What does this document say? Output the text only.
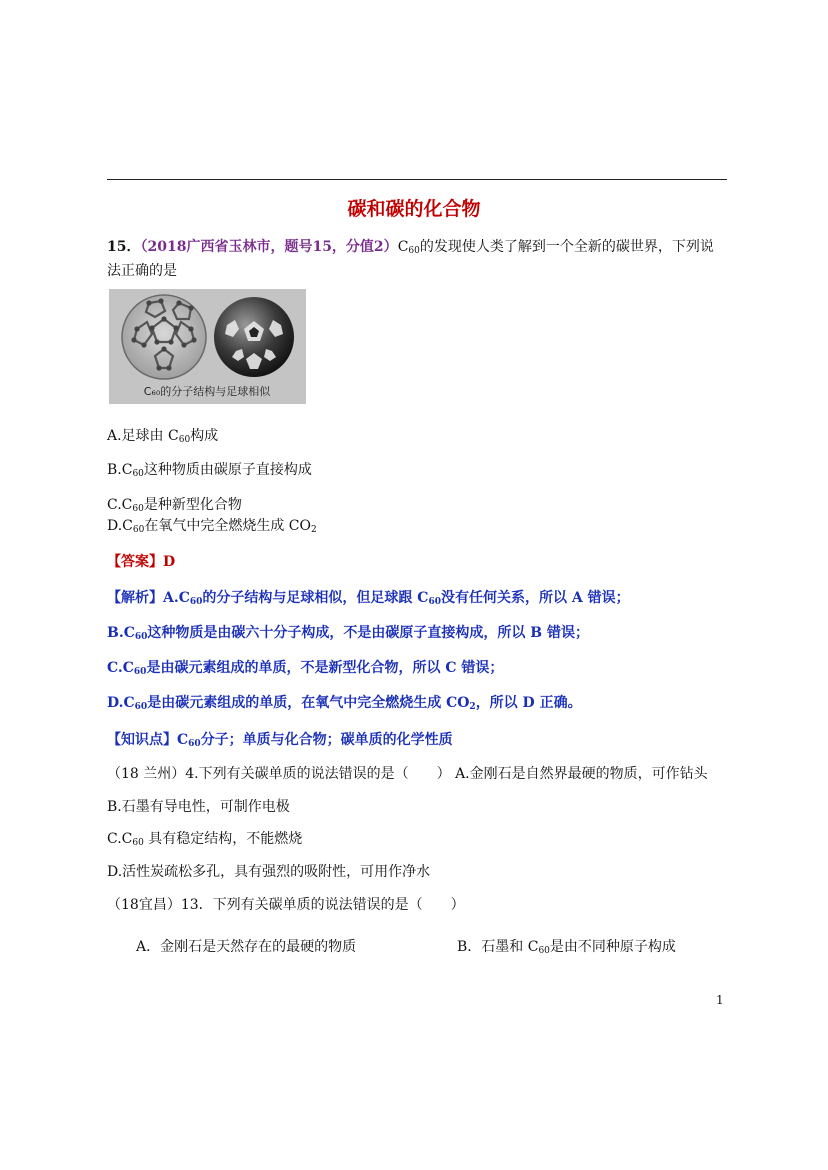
碳和碳的化合物
15．（2018广西省玉林市，题号15，分值$2)C_{60}$的发现使人类了解到一个全新的碳世界，下列说
法正确的是
C₆₀的分子结构与足球相似
A.足球由 $C_{60}$构成
$B.C_{60}$这种物质由碳原子直接构成
$C.C_{60}$是种新型化合物
$D.C_{60}$在氧气中完全燃烧生成 $CO_2$
【答案】D
【解析】$A.C_{60}$的分子结构与足球相似，但足球跟 $C_{60}$没有任何关系，所以 A 错误；
$B.C_{60}$这种物质是由碳六十分子构成，不是由碳原子直接构成，所以 B 错误；
$C.C_{60}$是由碳元素组成的单质，不是新型化合物，所以 C 错误；
$D.C_{60}$是由碳元素组成的单质，在氧气中完全燃烧生成 $CO_2$，所以 D 正确。
【知识点】$C_{60}$分子；单质与化合物；碳单质的化学性质
（18 兰州）4.下列有关碳单质的说法错误的是（　　） A.金刚石是自然界最硬的物质，可作钻头
B.石墨有导电性，可制作电极
$C.C_{60}$ 具有稳定结构，不能燃烧
D.活性炭疏松多孔，具有强烈的吸附性，可用作净水
（18宜昌）13．下列有关碳单质的说法错误的是（　　）
A．金刚石是天然存在的最硬的物质	B．石墨和 $C_{60}$是由不同种原子构成
1
